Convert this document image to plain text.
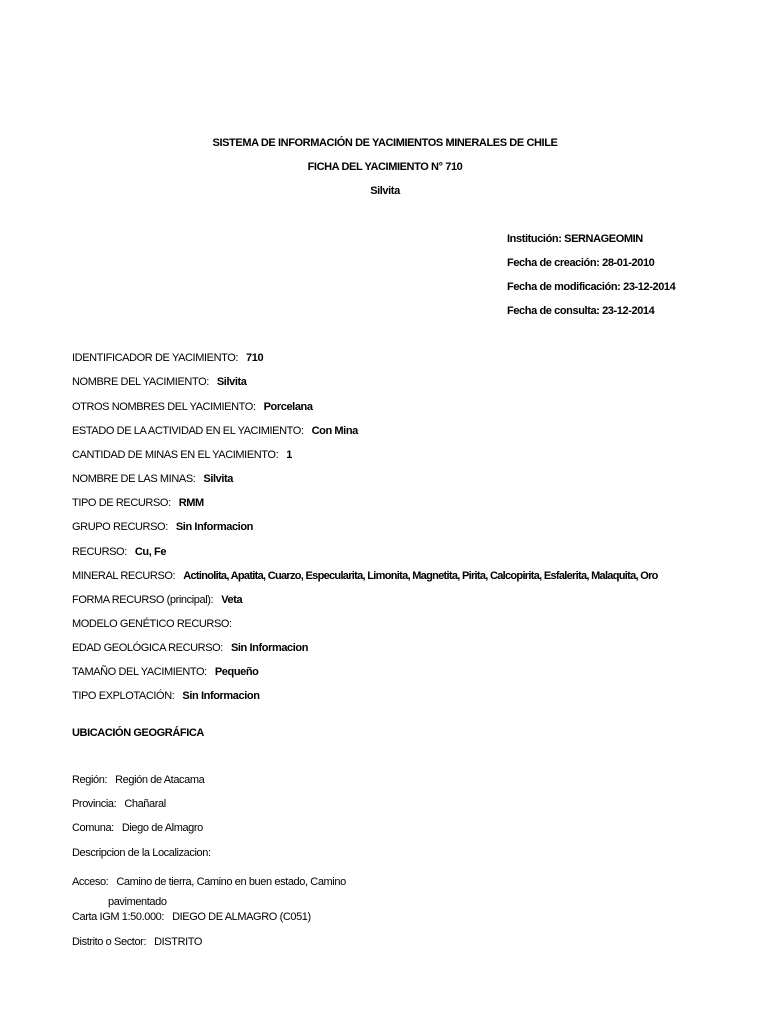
SISTEMA DE INFORMACIÓN DE YACIMIENTOS MINERALES DE CHILE
FICHA DEL YACIMIENTO N° 710
Silvita
Institución: SERNAGEOMIN
Fecha de creación: 28-01-2010
Fecha de modificación: 23-12-2014
Fecha de consulta: 23-12-2014
IDENTIFICADOR DE YACIMIENTO: 710
NOMBRE DEL YACIMIENTO: Silvita
OTROS NOMBRES DEL YACIMIENTO: Porcelana
ESTADO DE LA ACTIVIDAD EN EL YACIMIENTO: Con Mina
CANTIDAD DE MINAS EN EL YACIMIENTO: 1
NOMBRE DE LAS MINAS: Silvita
TIPO DE RECURSO: RMM
GRUPO RECURSO: Sin Informacion
RECURSO: Cu, Fe
MINERAL RECURSO: Actinolita, Apatita, Cuarzo, Especularita, Limonita, Magnetita, Pirita, Calcopirita, Esfalerita, Malaquita, Oro
FORMA RECURSO (principal): Veta
MODELO GENÉTICO RECURSO:
EDAD GEOLÓGICA RECURSO: Sin Informacion
TAMAÑO DEL YACIMIENTO: Pequeño
TIPO EXPLOTACIÓN: Sin Informacion
UBICACIÓN GEOGRÁFICA
Región: Región de Atacama
Provincia: Chañaral
Comuna: Diego de Almagro
Descripcion de la Localizacion:
Acceso: Camino de tierra, Camino en buen estado, Camino
pavimentado
Carta IGM 1:50.000: DIEGO DE ALMAGRO (C051)
Distrito o Sector: DISTRITO
